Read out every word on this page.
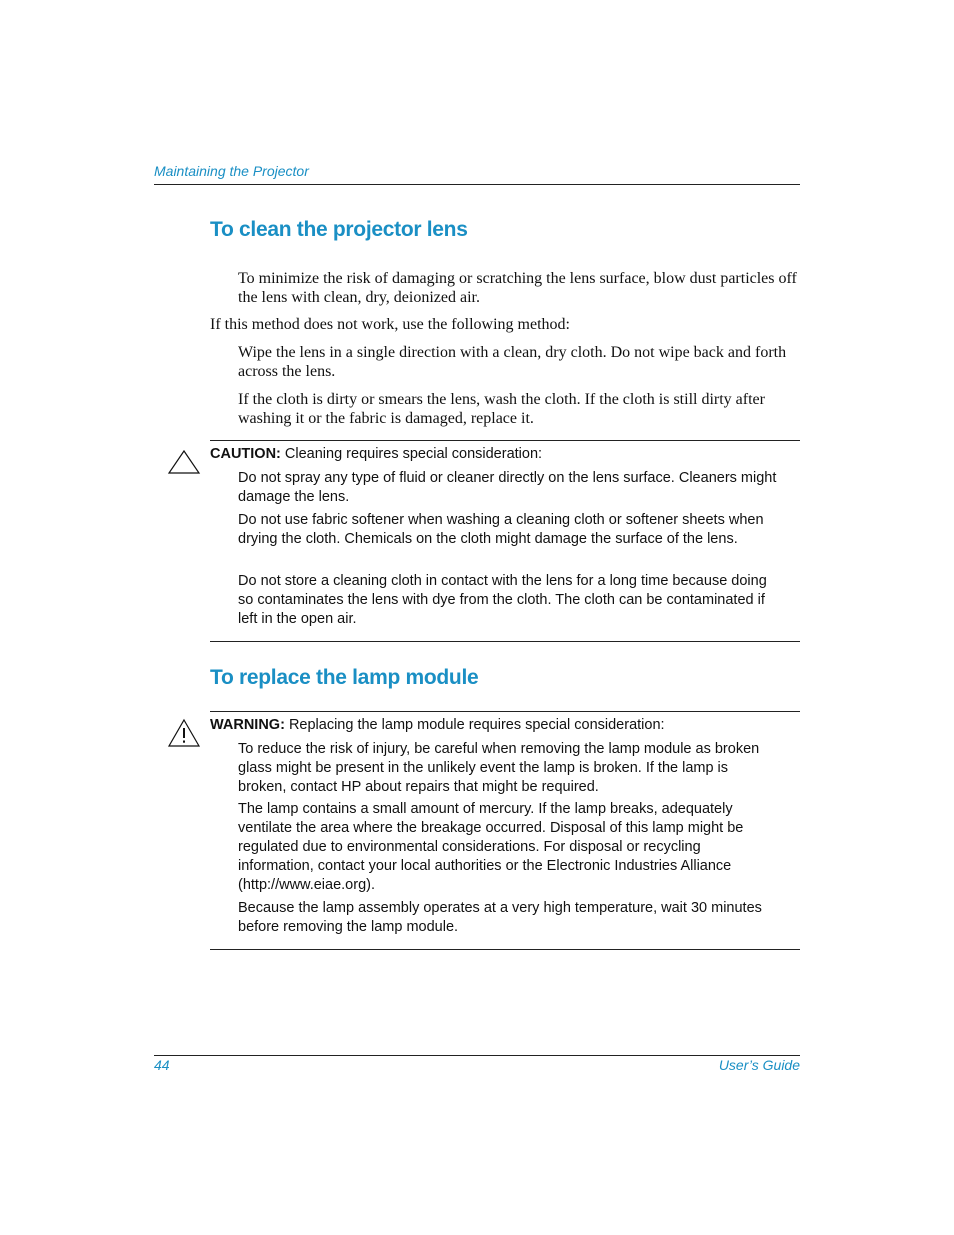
Maintaining the Projector
To clean the projector lens
To minimize the risk of damaging or scratching the lens surface, blow dust particles off the lens with clean, dry, deionized air.
If this method does not work, use the following method:
Wipe the lens in a single direction with a clean, dry cloth. Do not wipe back and forth across the lens.
If the cloth is dirty or smears the lens, wash the cloth. If the cloth is still dirty after washing it or the fabric is damaged, replace it.
CAUTION: Cleaning requires special consideration:
Do not spray any type of fluid or cleaner directly on the lens surface. Cleaners might damage the lens.
Do not use fabric softener when washing a cleaning cloth or softener sheets when drying the cloth. Chemicals on the cloth might damage the surface of the lens.
Do not store a cleaning cloth in contact with the lens for a long time because doing so contaminates the lens with dye from the cloth. The cloth can be contaminated if left in the open air.
To replace the lamp module
WARNING: Replacing the lamp module requires special consideration:
To reduce the risk of injury, be careful when removing the lamp module as broken glass might be present in the unlikely event the lamp is broken. If the lamp is broken, contact HP about repairs that might be required.
The lamp contains a small amount of mercury. If the lamp breaks, adequately ventilate the area where the breakage occurred. Disposal of this lamp might be regulated due to environmental considerations. For disposal or recycling information, contact your local authorities or the Electronic Industries Alliance (http://www.eiae.org).
Because the lamp assembly operates at a very high temperature, wait 30 minutes before removing the lamp module.
44	User’s Guide
